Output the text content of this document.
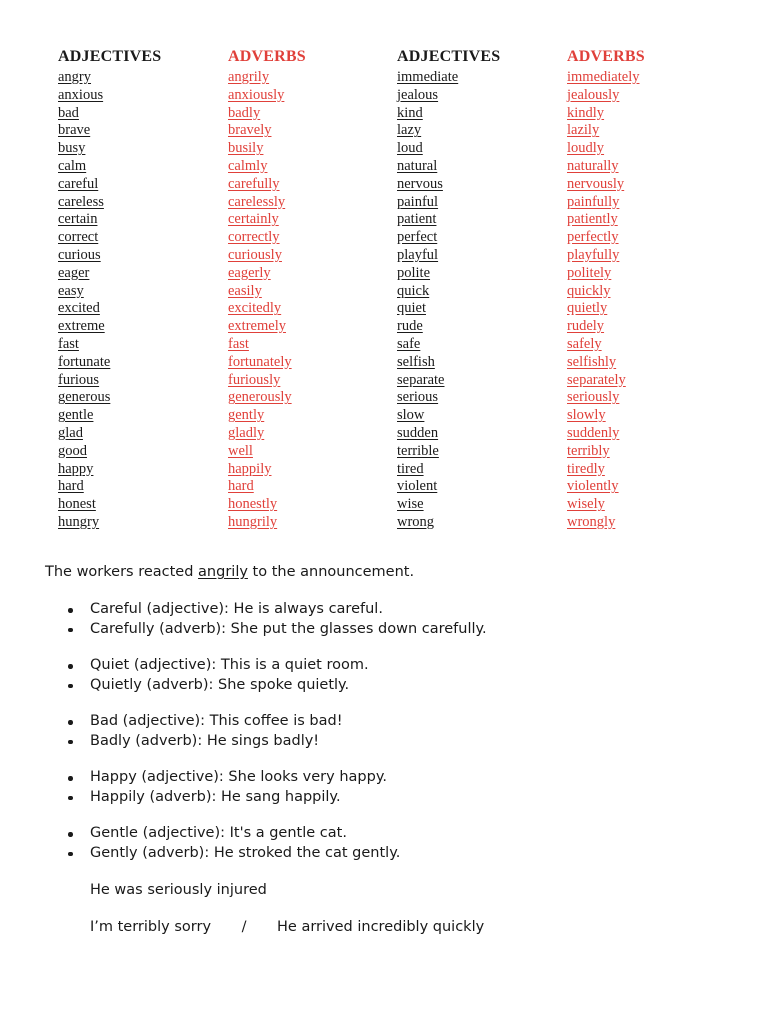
ADJECTIVES
angry
anxious
bad
brave
busy
calm
careful
careless
certain
correct
curious
eager
easy
excited
extreme
fast
fortunate
furious
generous
gentle
glad
good
happy
hard
honest
hungry
ADVERBS
angrily
anxiously
badly
bravely
busily
calmly
carefully
carelessly
certainly
correctly
curiously
eagerly
easily
excitedly
extremely
fast
fortunately
furiously
generously
gently
gladly
well
happily
hard
honestly
hungrily
ADJECTIVES
immediate
jealous
kind
lazy
loud
natural
nervous
painful
patient
perfect
playful
polite
quick
quiet
rude
safe
selfish
separate
serious
slow
sudden
terrible
tired
violent
wise
wrong
ADVERBS
immediately
jealously
kindly
lazily
loudly
naturally
nervously
painfully
patiently
perfectly
playfully
politely
quickly
quietly
rudely
safely
selfishly
separately
seriously
slowly
suddenly
terribly
tiredly
violently
wisely
wrongly

The workers reacted angrily to the announcement.

Careful (adjective): He is always careful.
Carefully (adverb): She put the glasses down carefully.
Quiet (adjective): This is a quiet room.
Quietly (adverb): She spoke quietly.
Bad (adjective): This coffee is bad!
Badly (adverb): He sings badly!
Happy (adjective): She looks very happy.
Happily (adverb): He sang happily.
Gentle (adjective): It's a gentle cat.
Gently (adverb): He stroked the cat gently.

He was seriously injured

I’m terribly sorry / He arrived incredibly quickly
